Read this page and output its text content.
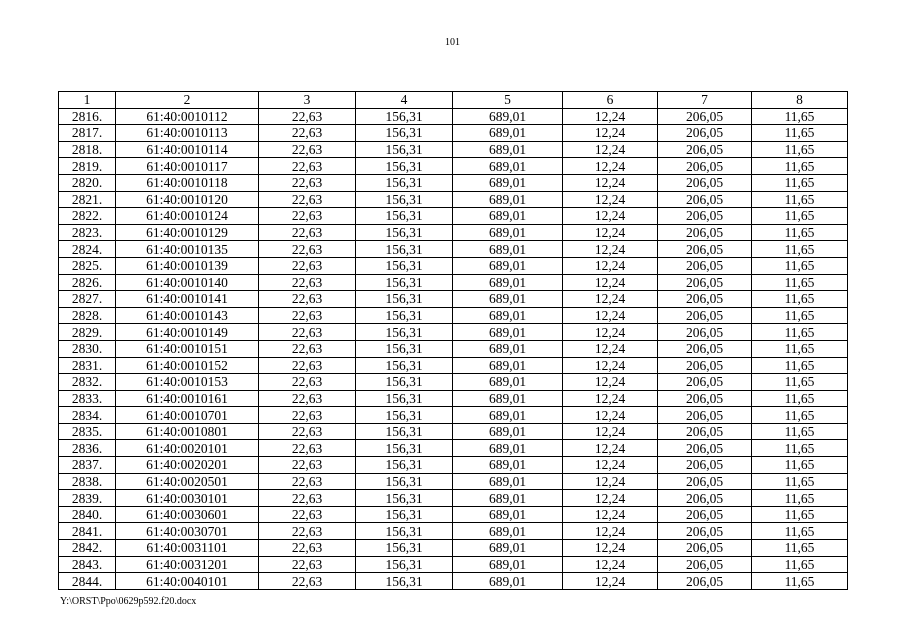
101
1	2	3	4	5	6	7	8
2816.	61:40:0010112	22,63	156,31	689,01	12,24	206,05	11,65
2817.	61:40:0010113	22,63	156,31	689,01	12,24	206,05	11,65
2818.	61:40:0010114	22,63	156,31	689,01	12,24	206,05	11,65
2819.	61:40:0010117	22,63	156,31	689,01	12,24	206,05	11,65
2820.	61:40:0010118	22,63	156,31	689,01	12,24	206,05	11,65
2821.	61:40:0010120	22,63	156,31	689,01	12,24	206,05	11,65
2822.	61:40:0010124	22,63	156,31	689,01	12,24	206,05	11,65
2823.	61:40:0010129	22,63	156,31	689,01	12,24	206,05	11,65
2824.	61:40:0010135	22,63	156,31	689,01	12,24	206,05	11,65
2825.	61:40:0010139	22,63	156,31	689,01	12,24	206,05	11,65
2826.	61:40:0010140	22,63	156,31	689,01	12,24	206,05	11,65
2827.	61:40:0010141	22,63	156,31	689,01	12,24	206,05	11,65
2828.	61:40:0010143	22,63	156,31	689,01	12,24	206,05	11,65
2829.	61:40:0010149	22,63	156,31	689,01	12,24	206,05	11,65
2830.	61:40:0010151	22,63	156,31	689,01	12,24	206,05	11,65
2831.	61:40:0010152	22,63	156,31	689,01	12,24	206,05	11,65
2832.	61:40:0010153	22,63	156,31	689,01	12,24	206,05	11,65
2833.	61:40:0010161	22,63	156,31	689,01	12,24	206,05	11,65
2834.	61:40:0010701	22,63	156,31	689,01	12,24	206,05	11,65
2835.	61:40:0010801	22,63	156,31	689,01	12,24	206,05	11,65
2836.	61:40:0020101	22,63	156,31	689,01	12,24	206,05	11,65
2837.	61:40:0020201	22,63	156,31	689,01	12,24	206,05	11,65
2838.	61:40:0020501	22,63	156,31	689,01	12,24	206,05	11,65
2839.	61:40:0030101	22,63	156,31	689,01	12,24	206,05	11,65
2840.	61:40:0030601	22,63	156,31	689,01	12,24	206,05	11,65
2841.	61:40:0030701	22,63	156,31	689,01	12,24	206,05	11,65
2842.	61:40:0031101	22,63	156,31	689,01	12,24	206,05	11,65
2843.	61:40:0031201	22,63	156,31	689,01	12,24	206,05	11,65
2844.	61:40:0040101	22,63	156,31	689,01	12,24	206,05	11,65
Y:\ORST\Ppo\0629p592.f20.docx
